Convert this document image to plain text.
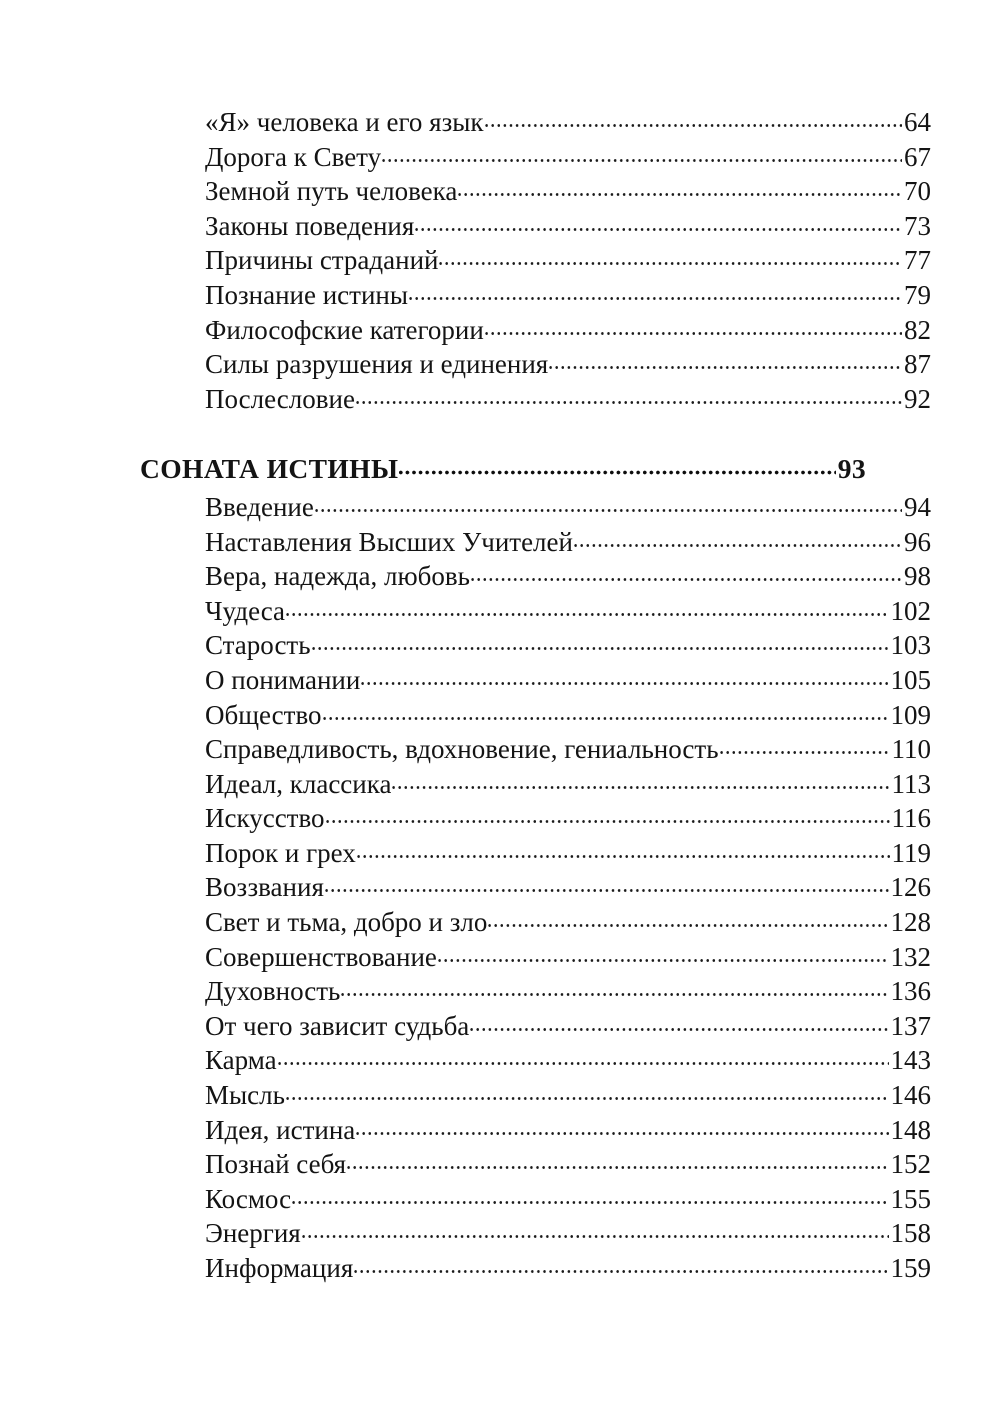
«Я» человека и его язык	64
Дорога к Свету	67
Земной путь человека	70
Законы поведения	73
Причины страданий	77
Познание истины	79
Философские категории	82
Силы разрушения и единения	87
Послесловие	92
СОНАТА ИСТИНЫ	93
Введение	94
Наставления Высших Учителей	96
Вера, надежда, любовь	98
Чудеса	102
Старость	103
О понимании	105
Общество	109
Справедливость, вдохновение, гениальность	110
Идеал, классика	113
Искусство	116
Порок и грех	119
Воззвания	126
Свет и тьма, добро и зло	128
Совершенствование	132
Духовность	136
От чего зависит судьба	137
Карма	143
Мысль	146
Идея, истина	148
Познай себя	152
Космос	155
Энергия	158
Информация	159
